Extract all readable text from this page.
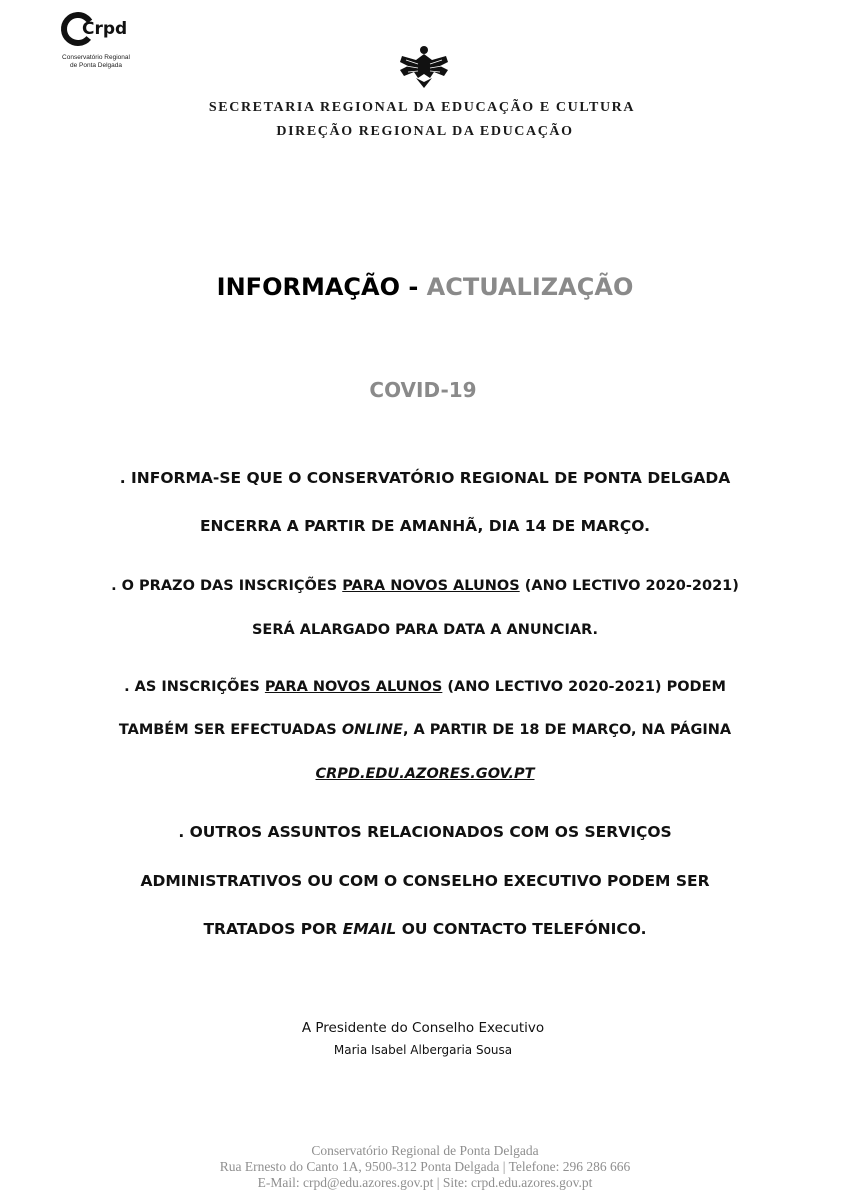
Crpd
Conservatório Regional
de Ponta Delgada
SECRETARIA REGIONAL DA EDUCAÇÃO E CULTURA
DIREÇÃO REGIONAL DA EDUCAÇÃO
INFORMAÇÃO - ACTUALIZAÇÃO
COVID-19
. INFORMA-SE QUE O CONSERVATÓRIO REGIONAL DE PONTA DELGADA
ENCERRA A PARTIR DE AMANHÃ, DIA 14 DE MARÇO.
. O PRAZO DAS INSCRIÇÕES PARA NOVOS ALUNOS (ANO LECTIVO 2020-2021)
SERÁ ALARGADO PARA DATA A ANUNCIAR.
. AS INSCRIÇÕES PARA NOVOS ALUNOS (ANO LECTIVO 2020-2021) PODEM
TAMBÉM SER EFECTUADAS ONLINE, A PARTIR DE 18 DE MARÇO, NA PÁGINA
CRPD.EDU.AZORES.GOV.PT
. OUTROS ASSUNTOS RELACIONADOS COM OS SERVIÇOS
ADMINISTRATIVOS OU COM O CONSELHO EXECUTIVO PODEM SER
TRATADOS POR EMAIL OU CONTACTO TELEFÓNICO.
A Presidente do Conselho Executivo
Maria Isabel Albergaria Sousa
Conservatório Regional de Ponta Delgada
Rua Ernesto do Canto 1A, 9500-312 Ponta Delgada | Telefone: 296 286 666
E-Mail: crpd@edu.azores.gov.pt | Site: crpd.edu.azores.gov.pt
